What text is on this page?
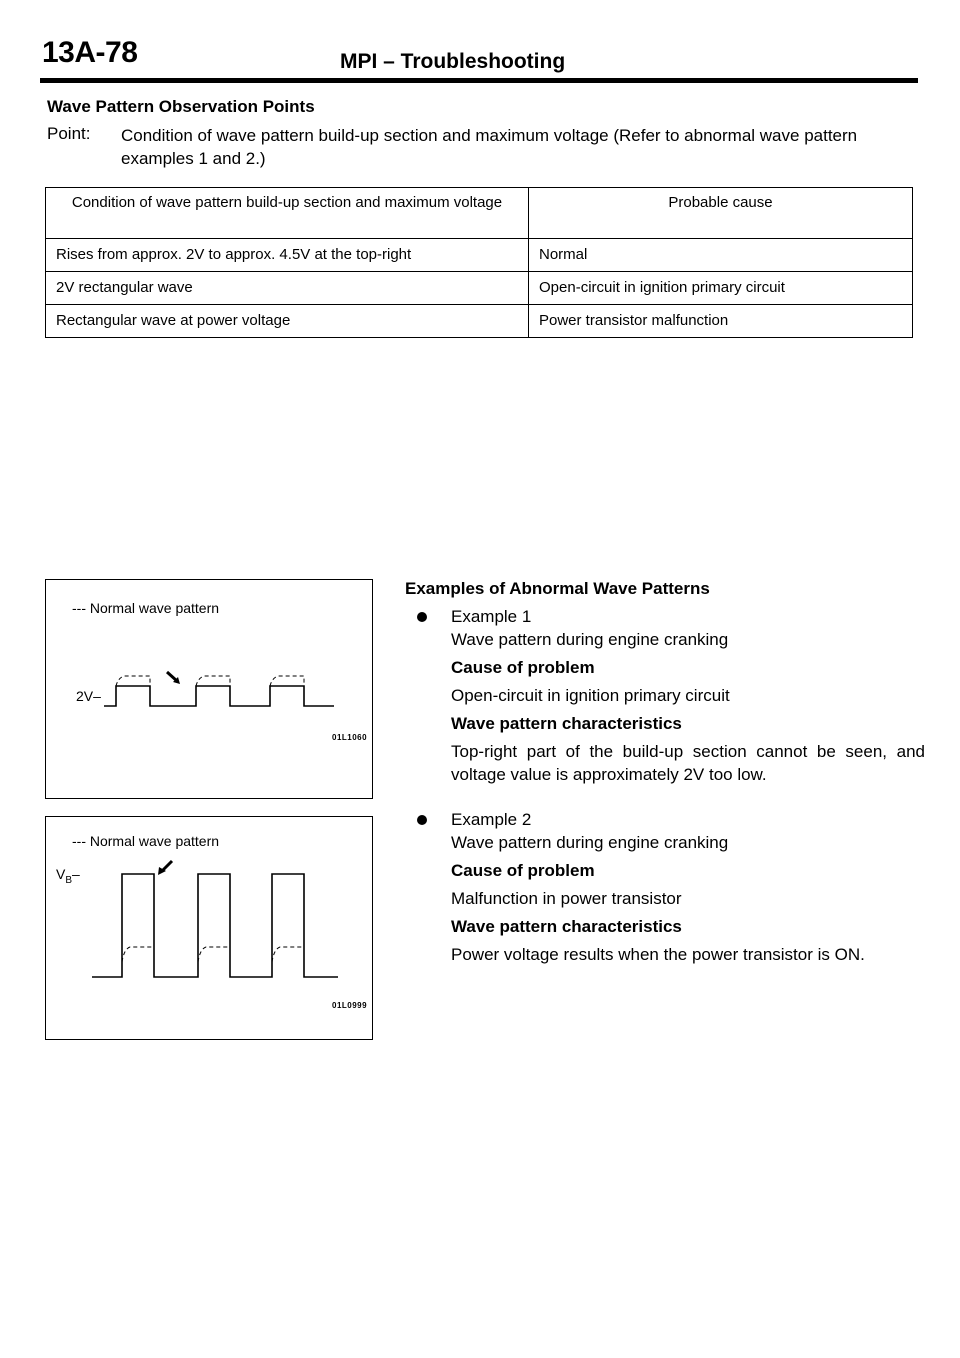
13A-78	MPI – Troubleshooting
Wave Pattern Observation Points
Point: Condition of wave pattern build-up section and maximum voltage (Refer to abnormal wave pattern examples 1 and 2.)
Condition of wave pattern build-up section and maximum voltage	Probable cause
Rises from approx. 2V to approx. 4.5V at the top-right	Normal
2V rectangular wave	Open-circuit in ignition primary circuit
Rectangular wave at power voltage	Power transistor malfunction
--- Normal wave pattern
2V–
01L1060
--- Normal wave pattern
$V_B-$
01L0999
Examples of Abnormal Wave Patterns
Example 1
Wave pattern during engine cranking
Cause of problem
Open-circuit in ignition primary circuit
Wave pattern characteristics
Top-right part of the build-up section cannot be seen, and voltage value is approximately 2V too low.
Example 2
Wave pattern during engine cranking
Cause of problem
Malfunction in power transistor
Wave pattern characteristics
Power voltage results when the power transistor is ON.
